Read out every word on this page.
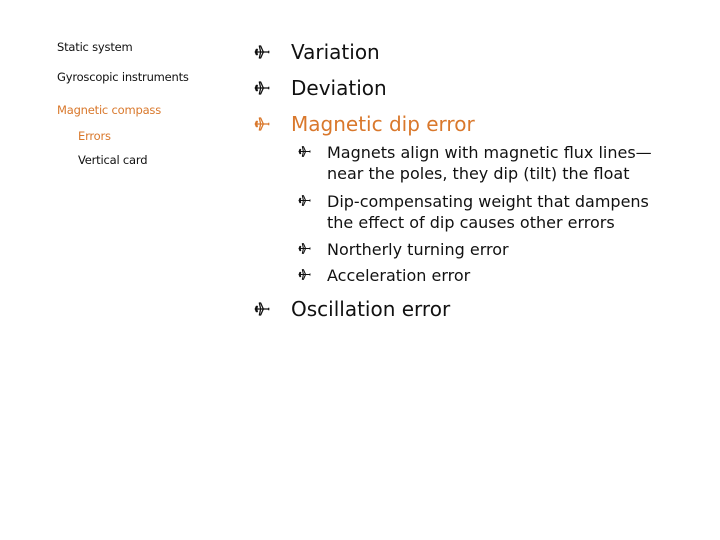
Static system
Gyroscopic instruments
Magnetic compass
Errors
Vertical card
Variation
Deviation
Magnetic dip error
Magnets align with magnetic flux lines—near the poles, they dip (tilt) the float
Dip-compensating weight that dampens the effect of dip causes other errors
Northerly turning error
Acceleration error
Oscillation error
